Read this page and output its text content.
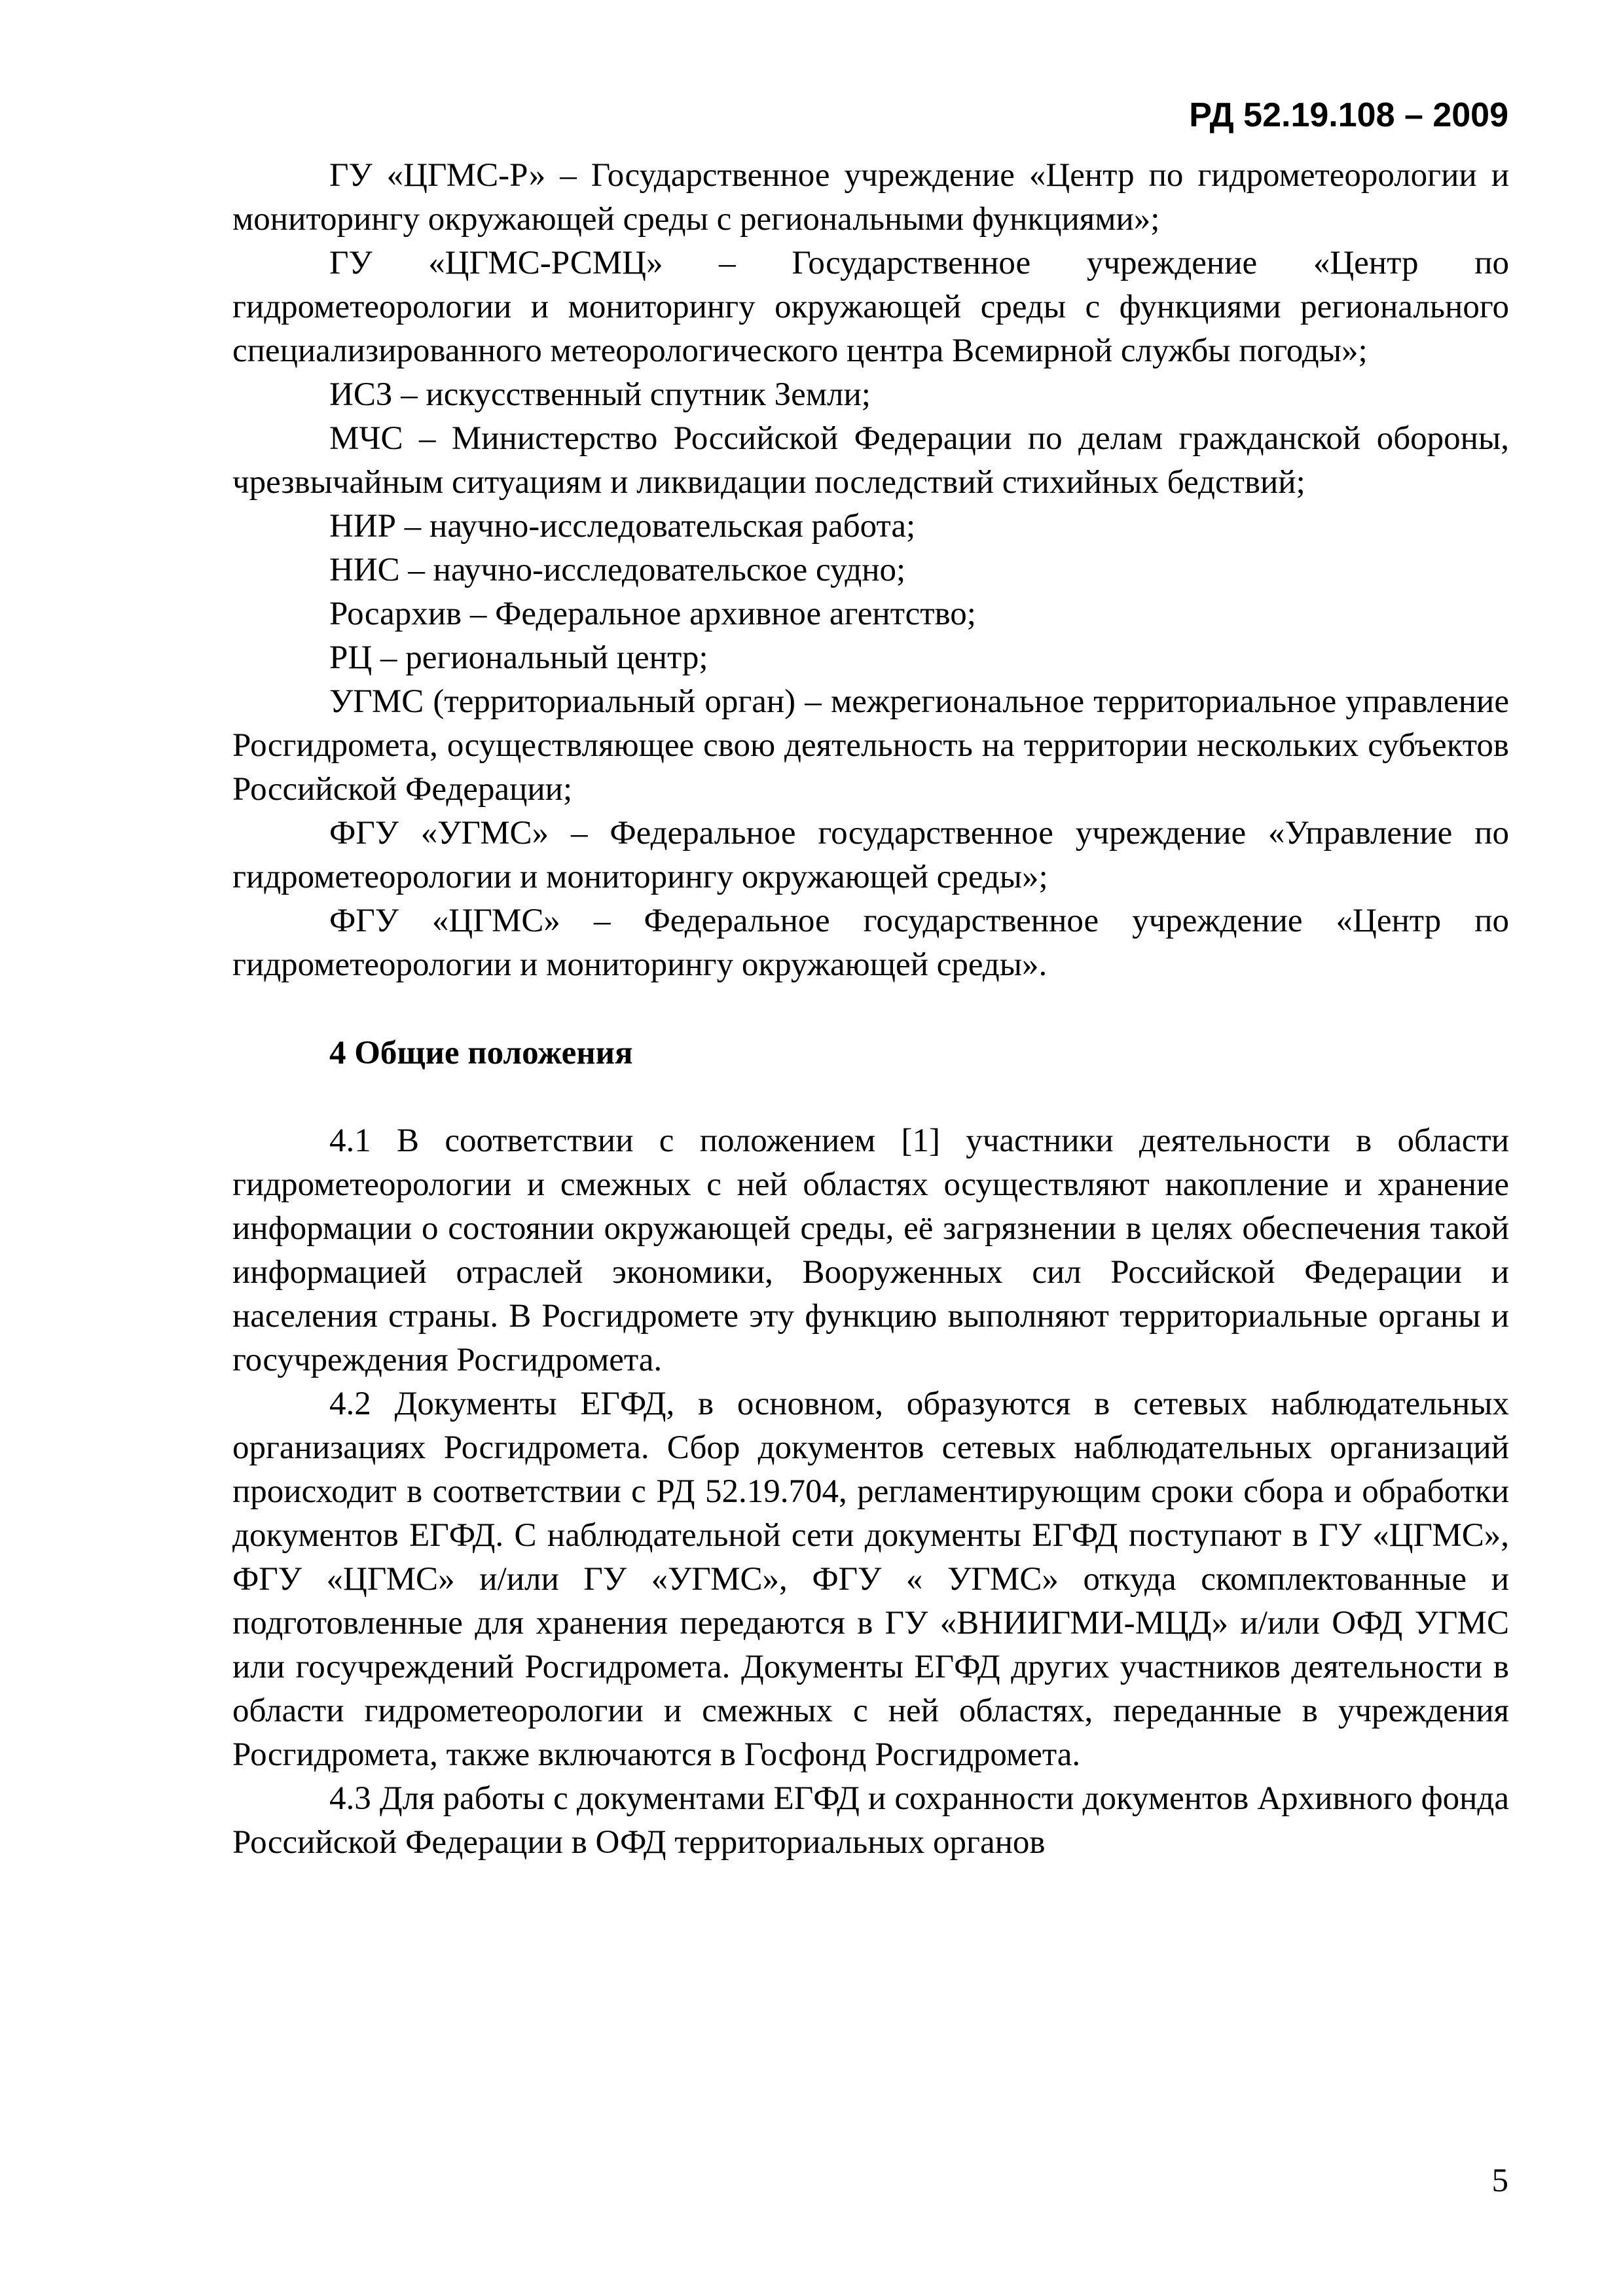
РД 52.19.108 – 2009

ГУ «ЦГМС-Р» – Государственное учреждение «Центр по гидрометеорологии и мониторингу окружающей среды с региональными функциями»;

ГУ «ЦГМС-РСМЦ» – Государственное учреждение «Центр по гидрометеорологии и мониторингу окружающей среды с функциями регионального специализированного метеорологического центра Всемирной службы погоды»;

ИСЗ – искусственный спутник Земли;

МЧС – Министерство Российской Федерации по делам гражданской обороны, чрезвычайным ситуациям и ликвидации последствий стихийных бедствий;

НИР – научно-исследовательская работа;

НИС – научно-исследовательское судно;

Росархив – Федеральное архивное агентство;

РЦ – региональный центр;

УГМС (территориальный орган) – межрегиональное территориальное управление Росгидромета, осуществляющее свою деятельность на территории нескольких субъектов Российской Федерации;

ФГУ «УГМС» – Федеральное государственное учреждение «Управление по гидрометеорологии и мониторингу окружающей среды»;

ФГУ «ЦГМС» – Федеральное государственное учреждение «Центр по гидрометеорологии и мониторингу окружающей среды».

4 Общие положения

4.1 В соответствии с положением [1] участники деятельности в области гидрометеорологии и смежных с ней областях осуществляют накопление и хранение информации о состоянии окружающей среды, её загрязнении в целях обеспечения такой информацией отраслей экономики, Вооруженных сил Российской Федерации и населения страны. В Росгидромете эту функцию выполняют территориальные органы и госучреждения Росгидромета.

4.2 Документы ЕГФД, в основном, образуются в сетевых наблюдательных организациях Росгидромета. Сбор документов сетевых наблюдательных организаций происходит в соответствии с РД 52.19.704, регламентирующим сроки сбора и обработки документов ЕГФД. С наблюдательной сети документы ЕГФД поступают в ГУ «ЦГМС», ФГУ «ЦГМС» и/или ГУ «УГМС», ФГУ « УГМС» откуда скомплектованные и подготовленные для хранения передаются в ГУ «ВНИИГМИ-МЦД» и/или ОФД УГМС или госучреждений Росгидромета. Документы ЕГФД других участников деятельности в области гидрометеорологии и смежных с ней областях, переданные в учреждения Росгидромета, также включаются в Госфонд Росгидромета.

4.3 Для работы с документами ЕГФД и сохранности документов Архивного фонда Российской Федерации в ОФД территориальных органов

5
